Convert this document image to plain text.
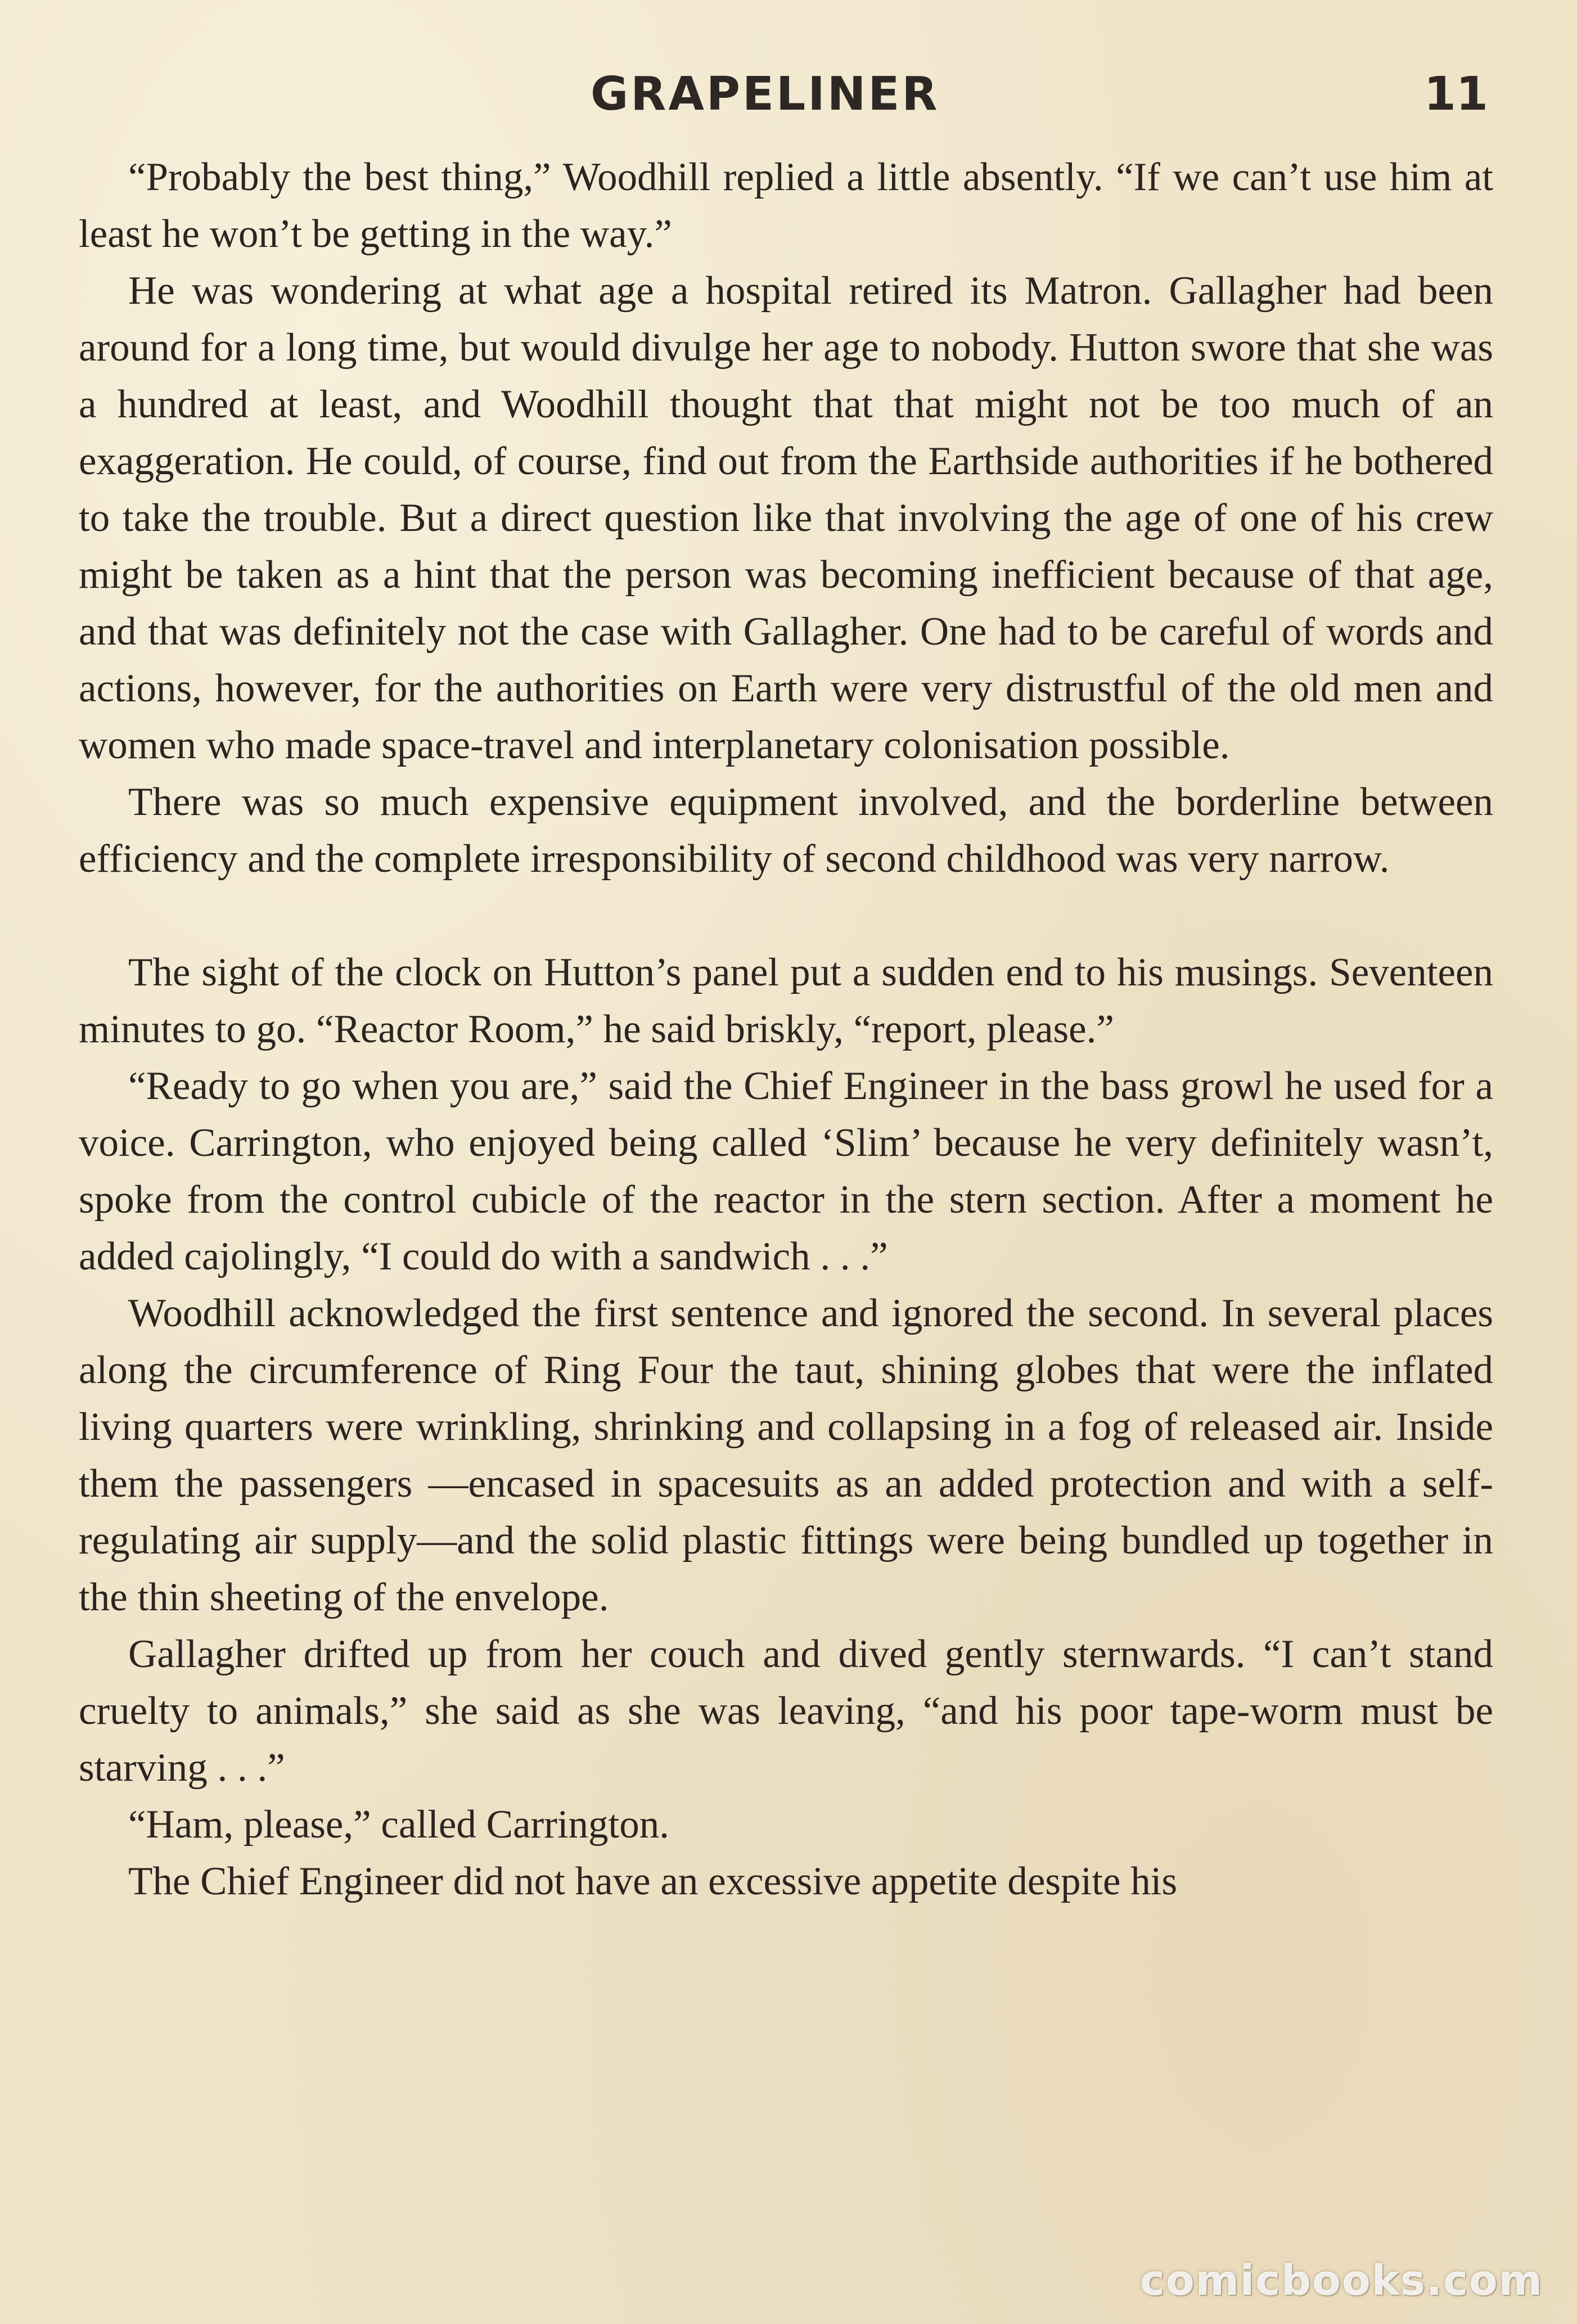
GRAPELINER	11

“Probably the best thing,” Woodhill replied a little absently. “If we can’t use him at least he won’t be getting in the way.”

He was wondering at what age a hospital retired its Matron. Gallagher had been around for a long time, but would divulge her age to nobody. Hutton swore that she was a hundred at least, and Woodhill thought that that might not be too much of an exaggeration. He could, of course, find out from the Earthside authorities if he bothered to take the trouble. But a direct question like that involving the age of one of his crew might be taken as a hint that the person was becoming inefficient because of that age, and that was definitely not the case with Gallagher. One had to be careful of words and actions, however, for the authorities on Earth were very distrustful of the old men and women who made space-travel and interplanetary colonisation possible.

There was so much expensive equipment involved, and the borderline between efficiency and the complete irresponsibility of second childhood was very narrow.

The sight of the clock on Hutton’s panel put a sudden end to his musings. Seventeen minutes to go. “Reactor Room,” he said briskly, “report, please.”

“Ready to go when you are,” said the Chief Engineer in the bass growl he used for a voice. Carrington, who enjoyed being called ‘Slim’ because he very definitely wasn’t, spoke from the control cubicle of the reactor in the stern section. After a moment he added cajolingly, “I could do with a sandwich . . .”

Woodhill acknowledged the first sentence and ignored the second. In several places along the circumference of Ring Four the taut, shining globes that were the inflated living quarters were wrinkling, shrinking and collapsing in a fog of released air. Inside them the passengers —encased in spacesuits as an added protection and with a self-regulating air supply—and the solid plastic fittings were being bundled up together in the thin sheeting of the envelope.

Gallagher drifted up from her couch and dived gently sternwards. “I can’t stand cruelty to animals,” she said as she was leaving, “and his poor tape-worm must be starving . . .”

“Ham, please,” called Carrington.

The Chief Engineer did not have an excessive appetite despite his

comicbooks.com
